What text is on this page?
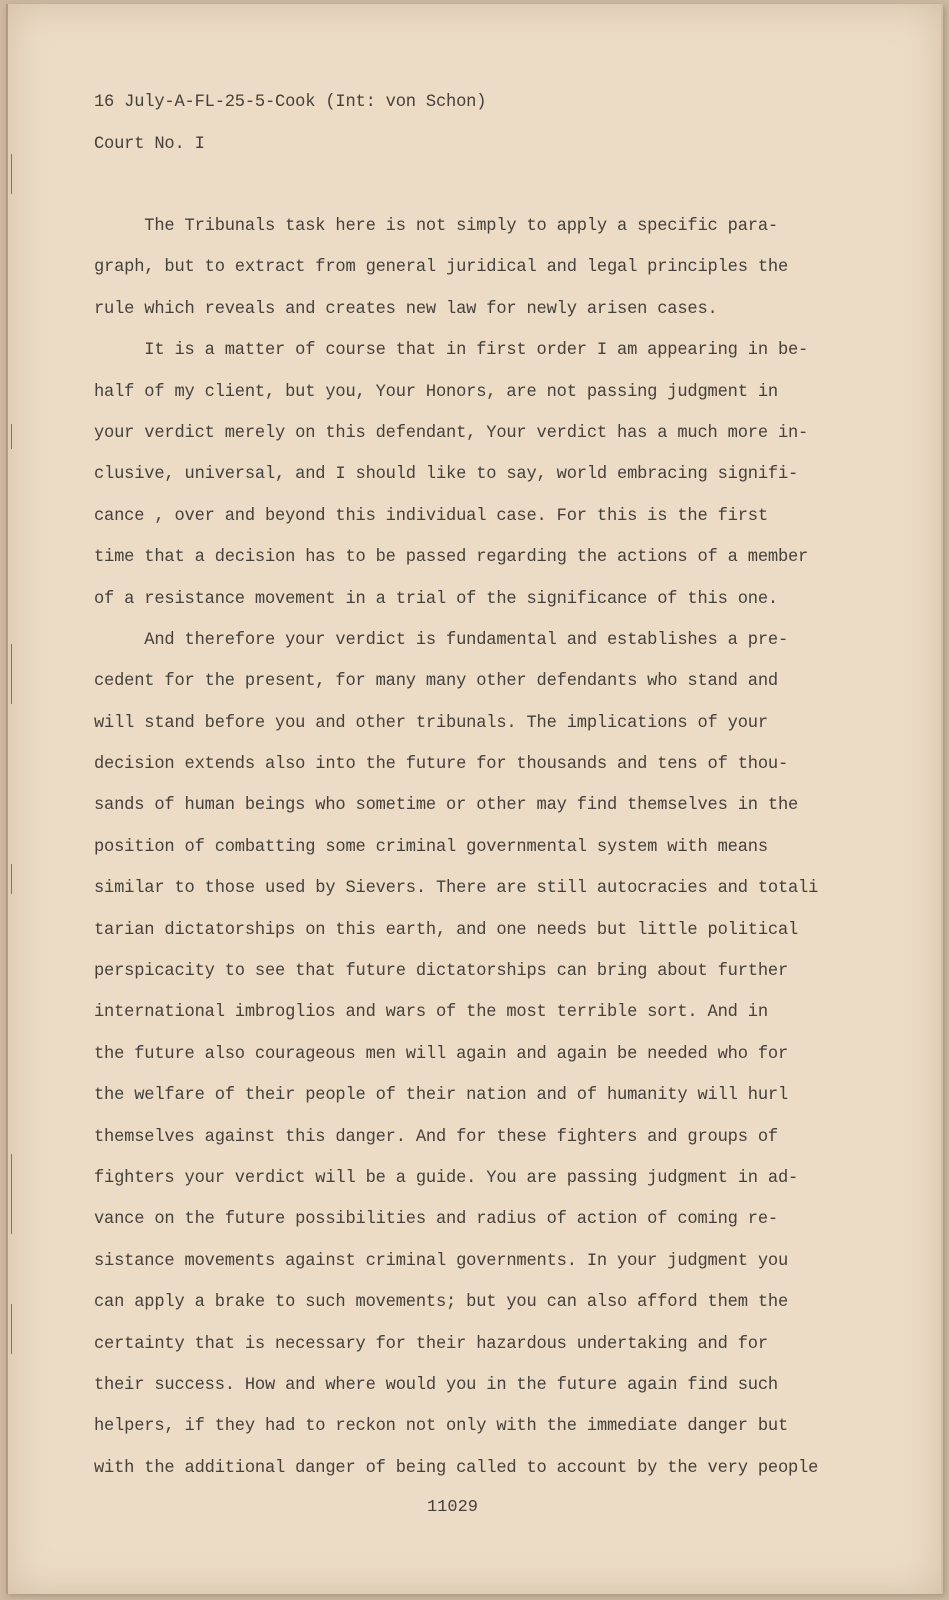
16 July-A-FL-25-5-Cook (Int: von Schon)

Court No. I

The Tribunals task here is not simply to apply a specific para-

graph, but to extract from general juridical and legal principles the

rule which reveals and creates new law for newly arisen cases.

It is a matter of course that in first order I am appearing in be-

half of my client, but you, Your Honors, are not passing judgment in

your verdict merely on this defendant, Your verdict has a much more in-

clusive, universal, and I should like to say, world embracing signifi-

cance , over and beyond this individual case. For this is the first

time that a decision has to be passed regarding the actions of a member

of a resistance movement in a trial of the significance of this one.

And therefore your verdict is fundamental and establishes a pre-

cedent for the present, for many many other defendants who stand and

will stand before you and other tribunals. The implications of your

decision extends also into the future for thousands and tens of thou-

sands of human beings who sometime or other may find themselves in the

position of combatting some criminal governmental system with means

similar to those used by Sievers. There are still autocracies and totali

tarian dictatorships on this earth, and one needs but little political

perspicacity to see that future dictatorships can bring about further

international imbroglios and wars of the most terrible sort. And in

the future also courageous men will again and again be needed who for

the welfare of their people of their nation and of humanity will hurl

themselves against this danger. And for these fighters and groups of

fighters your verdict will be a guide. You are passing judgment in ad-

vance on the future possibilities and radius of action of coming re-

sistance movements against criminal governments. In your judgment you

can apply a brake to such movements; but you can also afford them the

certainty that is necessary for their hazardous undertaking and for

their success. How and where would you in the future again find such

helpers, if they had to reckon not only with the immediate danger but

with the additional danger of being called to account by the very people

11029
